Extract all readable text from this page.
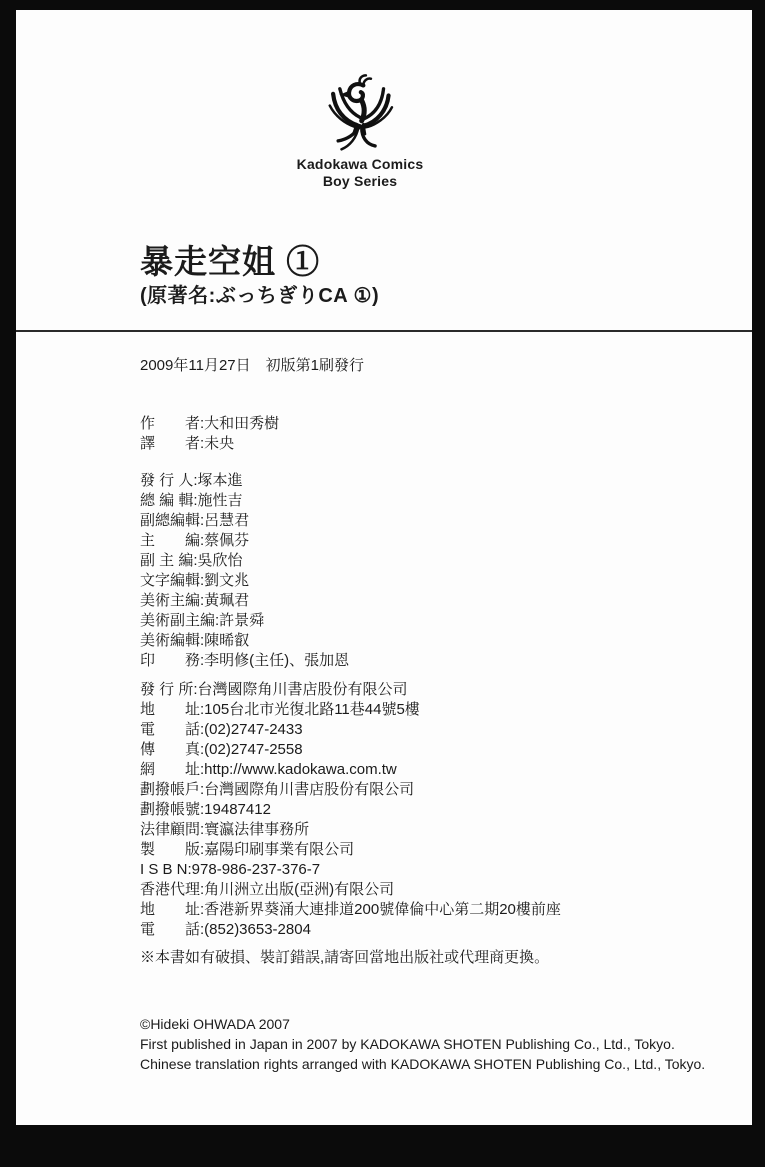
Kadokawa Comics
Boy Series
暴走空姐 ①
(原著名:ぶっちぎりCA ①)
2009年11月27日　初版第1刷發行
作　　者:大和田秀樹
譯　　者:未央
發 行 人:塚本進
總 編 輯:施性吉
副總編輯:呂慧君
主　　編:蔡佩芬
副 主 編:吳欣怡
文字編輯:劉文兆
美術主編:黃珮君
美術副主編:許景舜
美術編輯:陳晞叡
印　　務:李明修(主任)、張加恩
發 行 所:台灣國際角川書店股份有限公司
地　　址:105台北市光復北路11巷44號5樓
電　　話:(02)2747-2433
傳　　真:(02)2747-2558
網　　址:http://www.kadokawa.com.tw
劃撥帳戶:台灣國際角川書店股份有限公司
劃撥帳號:19487412
法律顧問:寰瀛法律事務所
製　　版:嘉陽印刷事業有限公司
I S B N:978-986-237-376-7
香港代理:角川洲立出版(亞洲)有限公司
地　　址:香港新界葵涌大連排道200號偉倫中心第二期20樓前座
電　　話:(852)3653-2804
※本書如有破損、裝訂錯誤,請寄回當地出版社或代理商更換。
©Hideki OHWADA 2007
First published in Japan in 2007 by KADOKAWA SHOTEN Publishing Co., Ltd., Tokyo.
Chinese translation rights arranged with KADOKAWA SHOTEN Publishing Co., Ltd., Tokyo.
